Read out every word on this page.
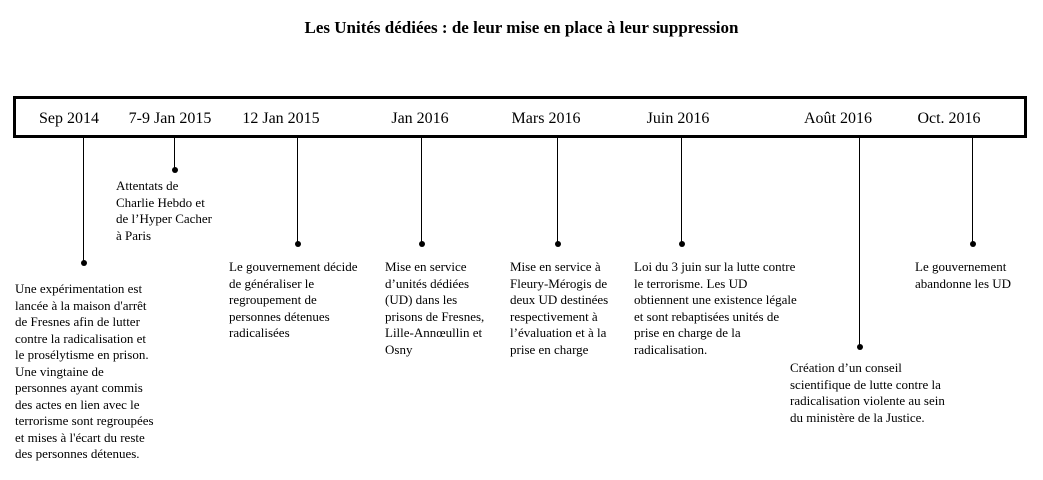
Les Unités dédiées : de leur mise en place à leur suppression
Sep 2014
Une expérimentation est
lancée à la maison d'arrêt
de Fresnes afin de lutter
contre la radicalisation et
le prosélytisme en prison.
Une vingtaine de
personnes ayant commis
des actes en lien avec le
terrorisme sont regroupées
et mises à l'écart du reste
des personnes détenues.
7-9 Jan 2015
Attentats de
Charlie Hebdo et
de l’Hyper Cacher
à Paris
12 Jan 2015
Le gouvernement décide
de généraliser le
regroupement de
personnes détenues
radicalisées
Jan 2016
Mise en service
d’unités dédiées
(UD) dans les
prisons de Fresnes,
Lille-Annœullin et
Osny
Mars 2016
Mise en service à
Fleury-Mérogis de
deux UD destinées
respectivement à
l’évaluation et à la
prise en charge
Juin 2016
Loi du 3 juin sur la lutte contre
le terrorisme. Les UD
obtiennent une existence légale
et sont rebaptisées unités de
prise en charge de la
radicalisation.
Août 2016
Création d’un conseil
scientifique de lutte contre la
radicalisation violente au sein
du ministère de la Justice.
Oct. 2016
Le gouvernement
abandonne les UD
